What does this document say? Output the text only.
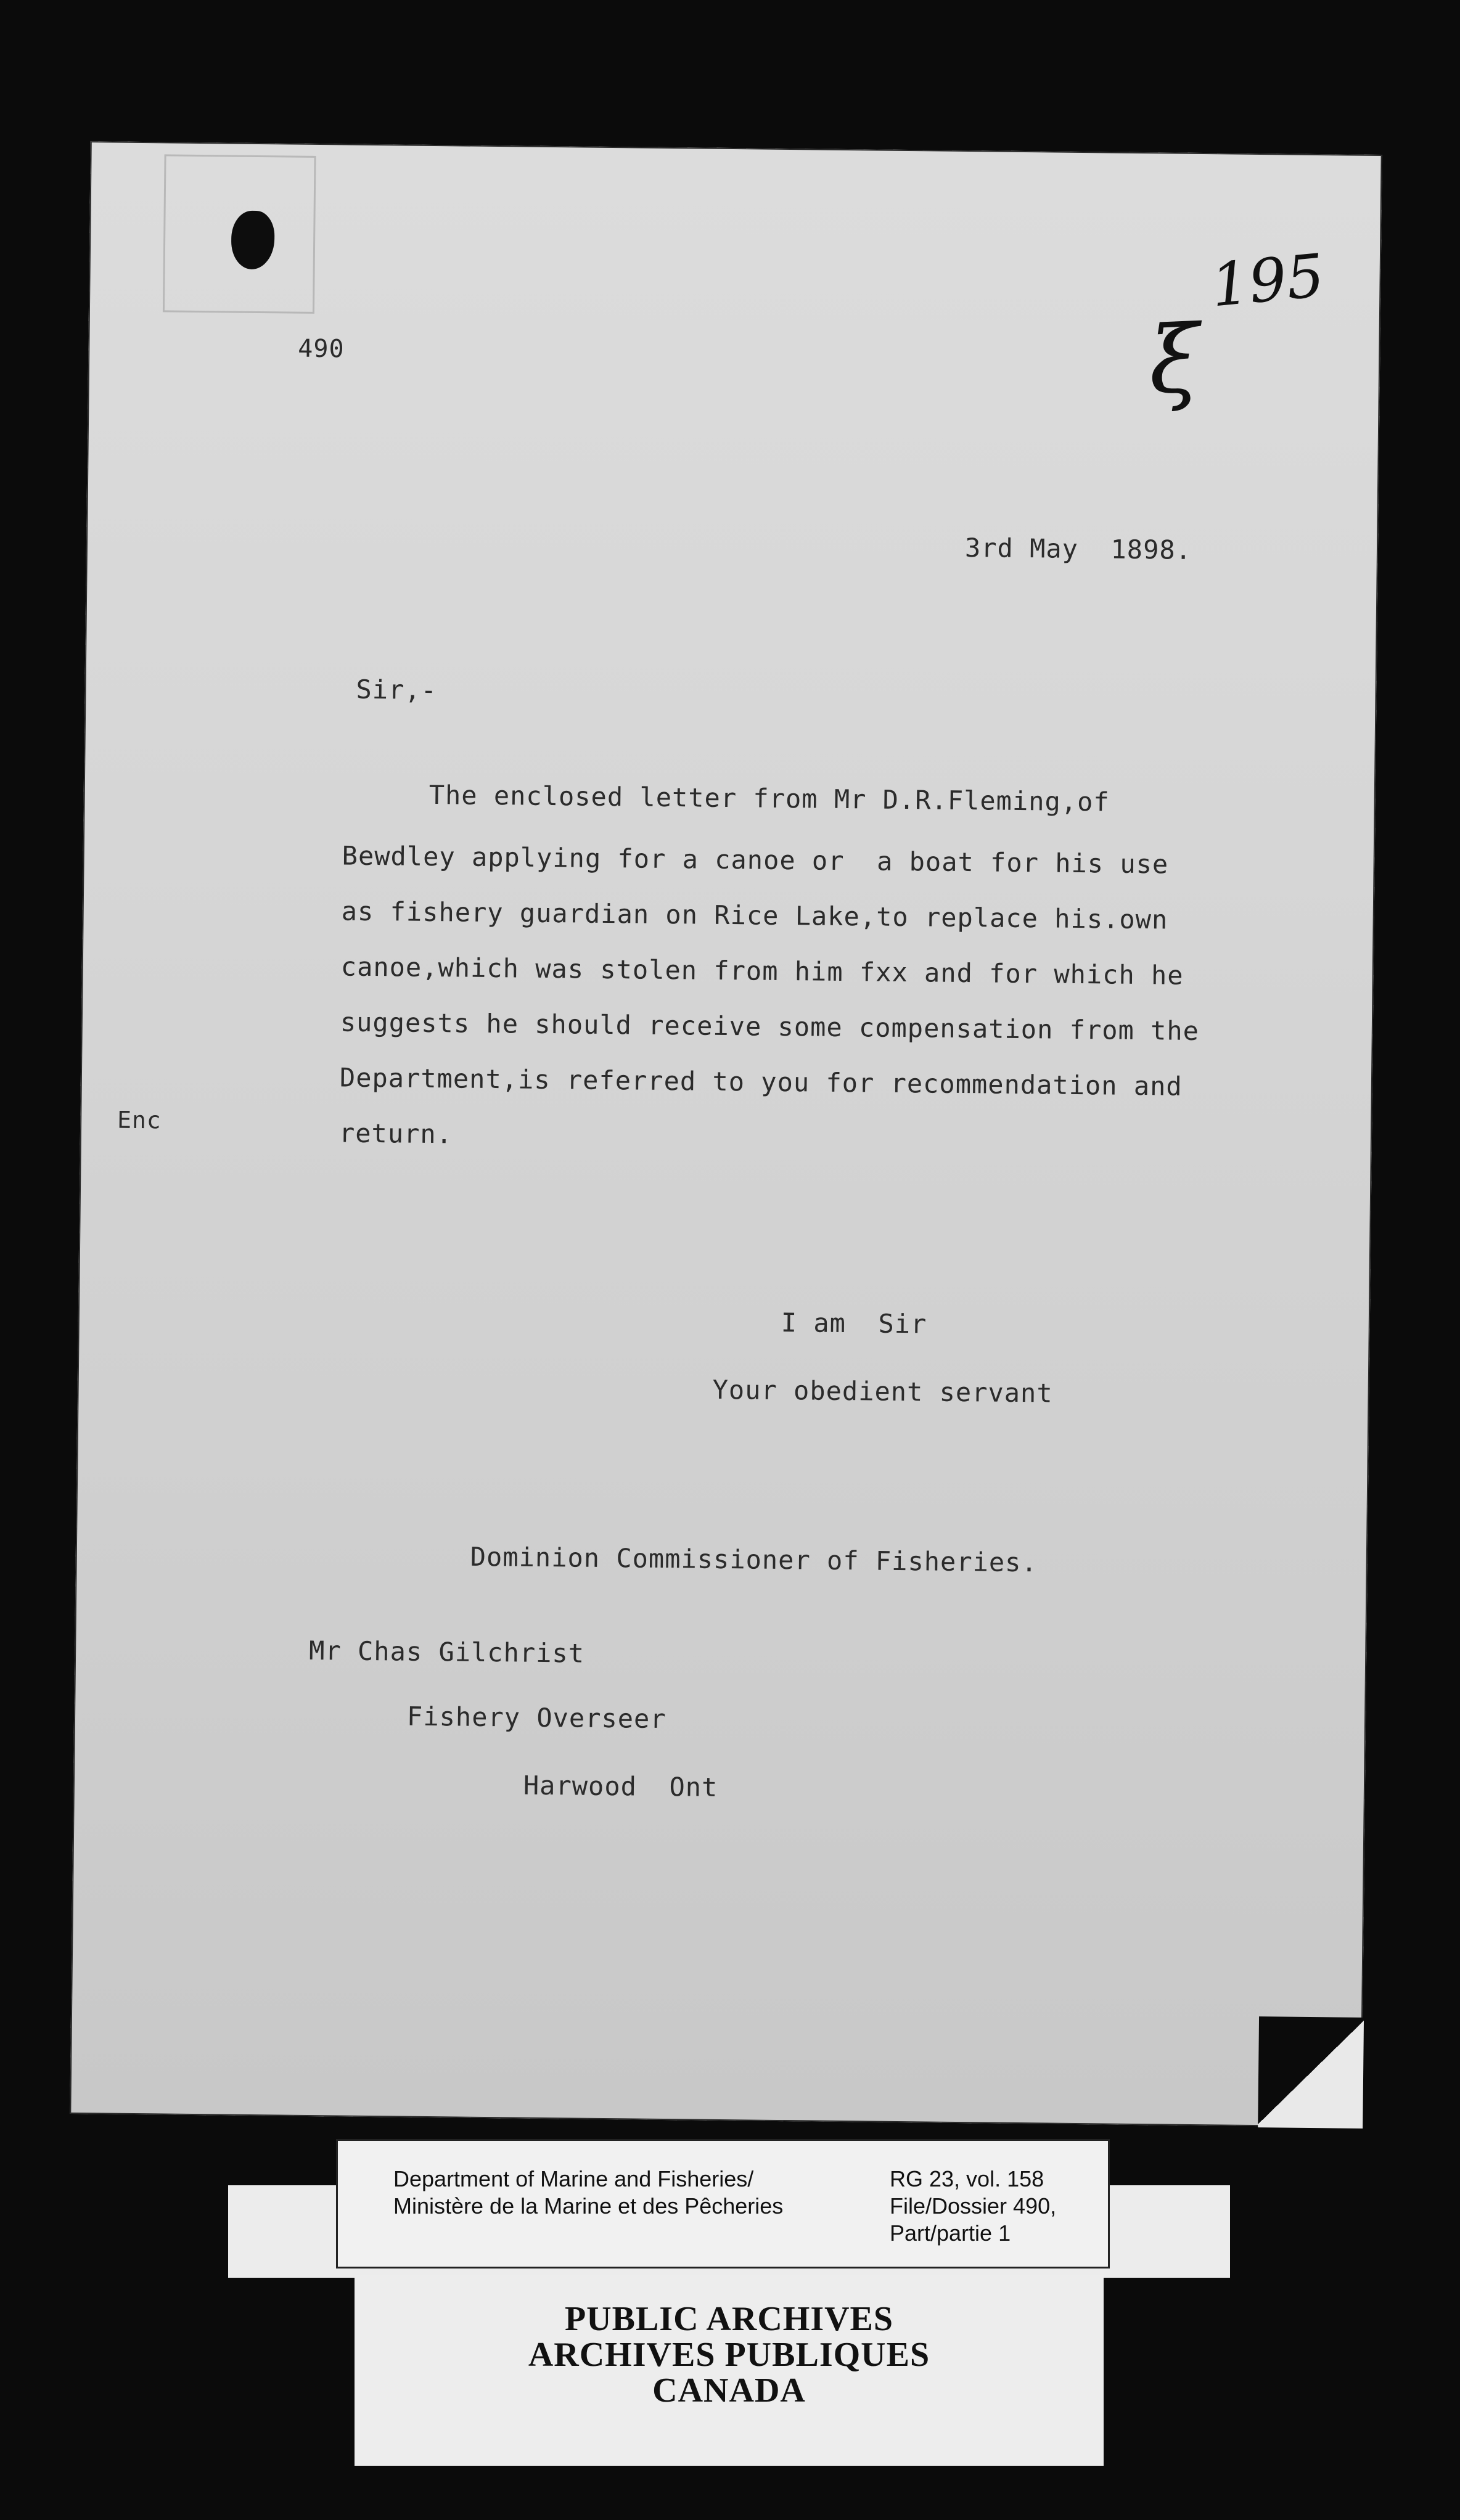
490
195
ξ
3rd May  1898.
Sir,-
The enclosed letter from Mr D.R.Fleming,of
Bewdley applying for a canoe or  a boat for his use
as fishery guardian on Rice Lake,to replace his.own
canoe,which was stolen from him fxx and for which he
suggests he should receive some compensation from the
Department,is referred to you for recommendation and
return.
Enc
I am  Sir
Your obedient servant
Dominion Commissioner of Fisheries.
Mr Chas Gilchrist
Fishery Overseer
Harwood  Ont
Department of Marine and Fisheries/
Ministère de la Marine et des Pêcheries
RG 23, vol. 158
File/Dossier 490,
Part/partie 1
PUBLIC ARCHIVES
ARCHIVES PUBLIQUES
CANADA
